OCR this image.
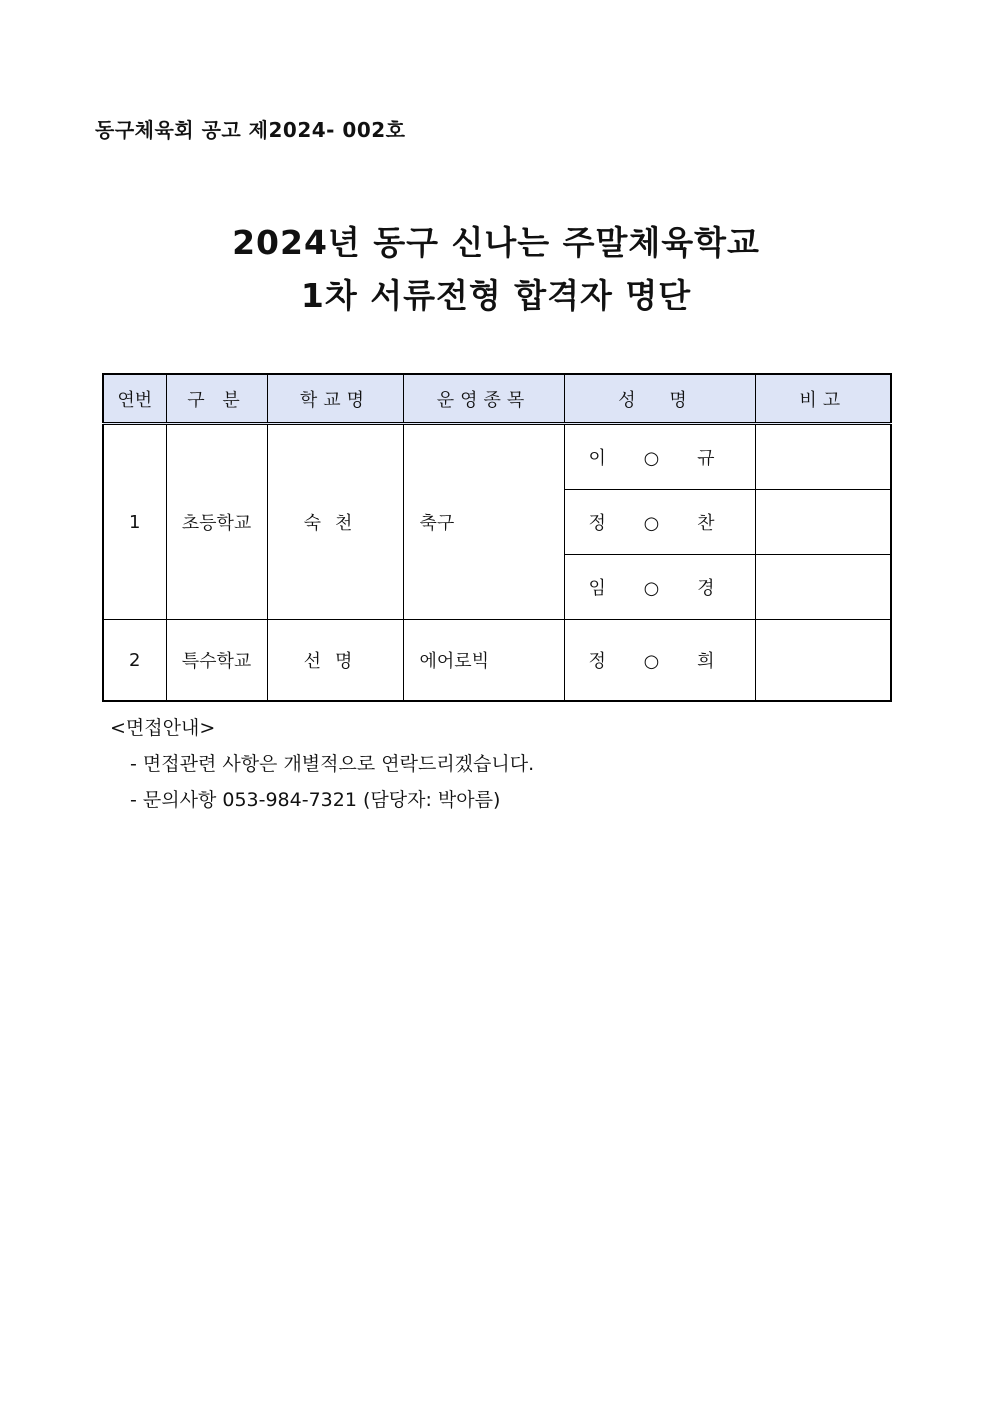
동구체육회 공고 제2024- 002호
2024년 동구 신나는 주말체육학교
1차 서류전형 합격자 명단
연번	구 분	학교명	운영종목	성 명	비고
1	초등학교	숙천	축구	이 ○ 규	
				정 ○ 찬	
				임 ○ 경	
2	특수학교	선명	에어로빅	정 ○ 희	
<면접안내>
- 면접관련 사항은 개별적으로 연락드리겠습니다.
- 문의사항 053-984-7321 (담당자: 박아름)
